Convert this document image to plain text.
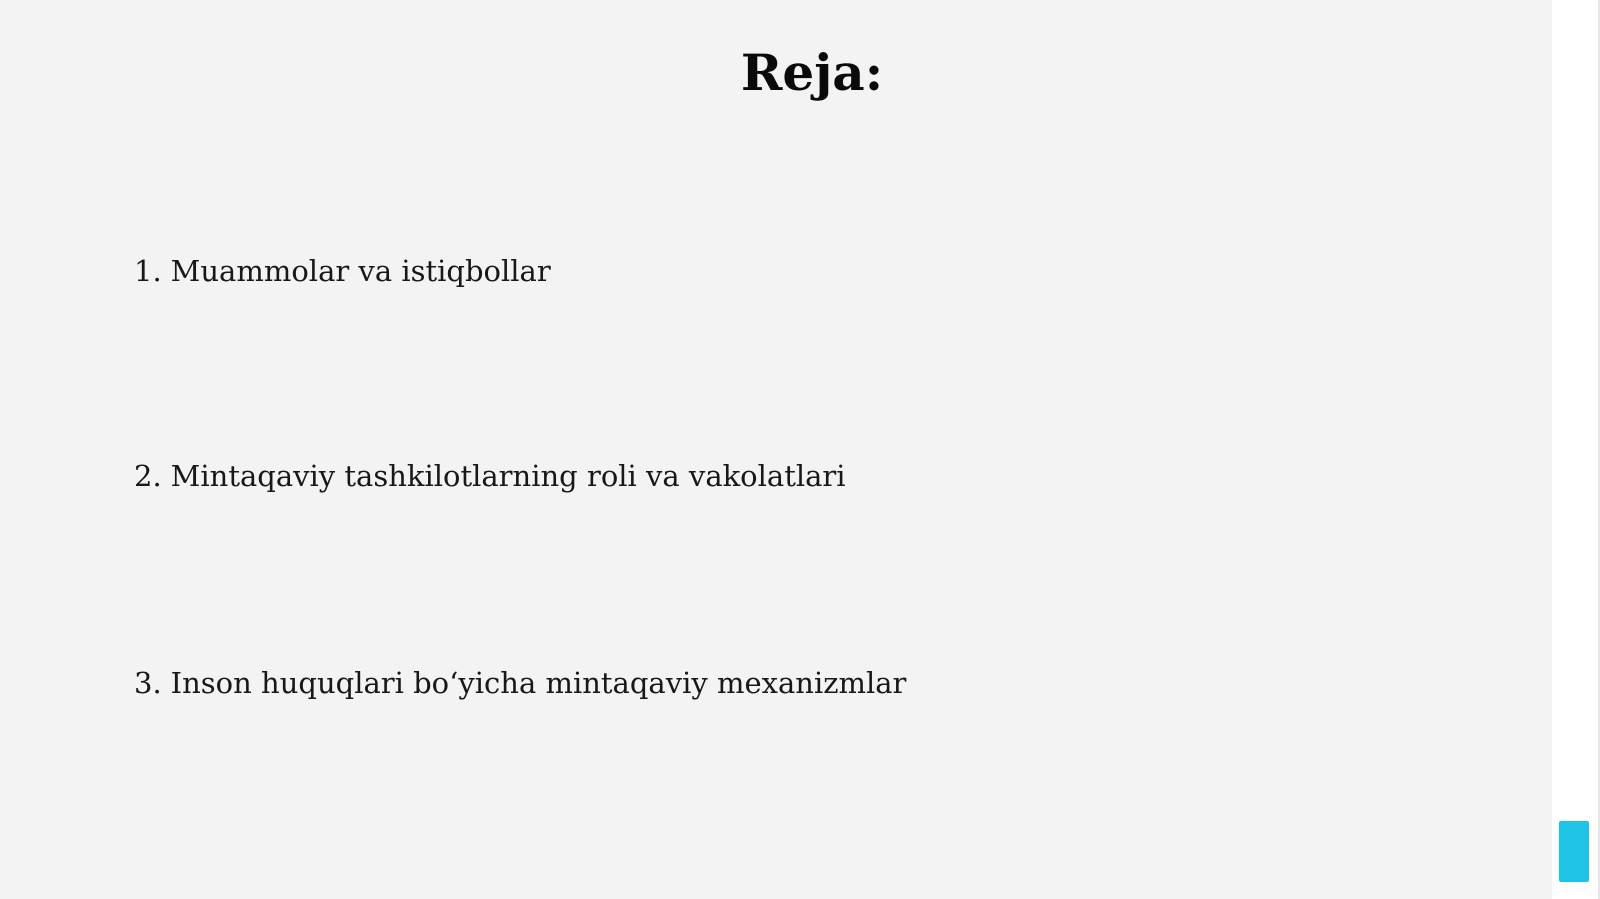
Reja:
1. Muammolar va istiqbollar
2. Mintaqaviy tashkilotlarning roli va vakolatlari
3. Inson huquqlari bo‘yicha mintaqaviy mexanizmlar
